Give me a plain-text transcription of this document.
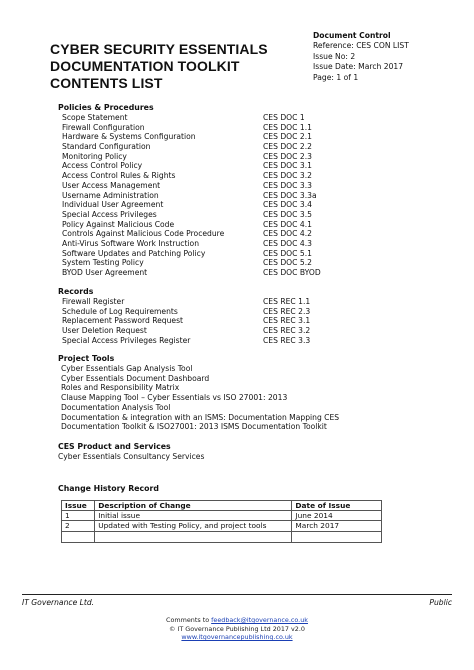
CYBER SECURITY ESSENTIALS
DOCUMENTATION TOOLKIT
CONTENTS LIST
Document Control
Reference: CES CON LIST
Issue No: 2
Issue Date: March 2017
Page: 1 of 1
Policies & Procedures
Scope Statement	CES DOC 1
Firewall Configuration	CES DOC 1.1
Hardware & Systems Configuration	CES DOC 2.1
Standard Configuration	CES DOC 2.2
Monitoring Policy	CES DOC 2.3
Access Control Policy	CES DOC 3.1
Access Control Rules & Rights	CES DOC 3.2
User Access Management	CES DOC 3.3
Username Administration	CES DOC 3.3a
Individual User Agreement	CES DOC 3.4
Special Access Privileges	CES DOC 3.5
Policy Against Malicious Code	CES DOC 4.1
Controls Against Malicious Code Procedure	CES DOC 4.2
Anti-Virus Software Work Instruction	CES DOC 4.3
Software Updates and Patching Policy	CES DOC 5.1
System Testing Policy	CES DOC 5.2
BYOD User Agreement	CES DOC BYOD
Records
Firewall Register	CES REC 1.1
Schedule of Log Requirements	CES REC 2.3
Replacement Password Request	CES REC 3.1
User Deletion Request	CES REC 3.2
Special Access Privileges Register	CES REC 3.3
Project Tools
Cyber Essentials Gap Analysis Tool
Cyber Essentials Document Dashboard
Roles and Responsibility Matrix
Clause Mapping Tool – Cyber Essentials vs ISO 27001: 2013
Documentation Analysis Tool
Documentation & integration with an ISMS: Documentation Mapping CES
Documentation Toolkit & ISO27001: 2013 ISMS Documentation Toolkit
CES Product and Services
Cyber Essentials Consultancy Services
Change History Record
Issue	Description of Change	Date of Issue
1	Initial issue	June 2014
2	Updated with Testing Policy, and project tools	March 2017

IT Governance Ltd.	Public
Comments to feedback@itgovernance.co.uk
© IT Governance Publishing Ltd 2017 v2.0
www.itgovernancepublishing.co.uk
